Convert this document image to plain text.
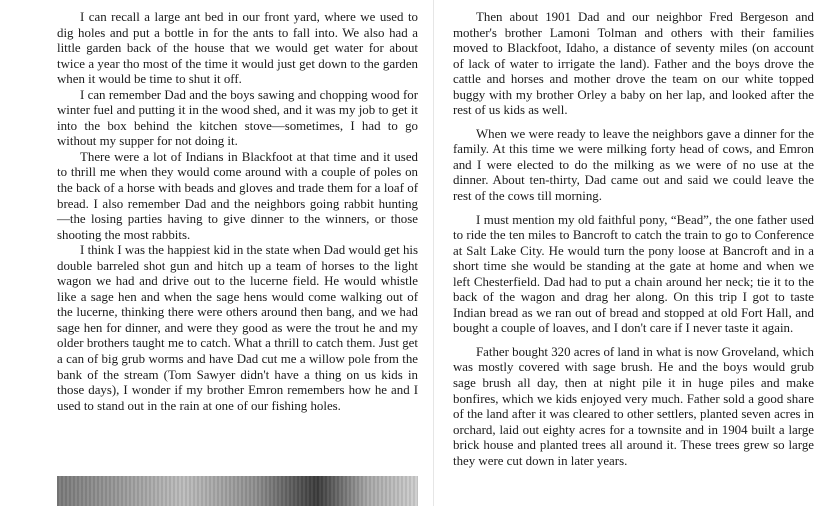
I can recall a large ant bed in our front yard, where we used to dig holes and put a bottle in for the ants to fall into. We also had a little garden back of the house that we would get water for about twice a year tho most of the time it would just get down to the garden when it would be time to shut it off.

I can remember Dad and the boys sawing and chopping wood for winter fuel and putting it in the wood shed, and it was my job to get it into the box behind the kitchen stove—sometimes, I had to go without my supper for not doing it.

There were a lot of Indians in Blackfoot at that time and it used to thrill me when they would come around with a couple of poles on the back of a horse with beads and gloves and trade them for a loaf of bread. I also remember Dad and the neighbors going rabbit hunting —the losing parties having to give dinner to the winners, or those shooting the most rabbits.

I think I was the happiest kid in the state when Dad would get his double barreled shot gun and hitch up a team of horses to the light wagon we had and drive out to the lucerne field. He would whistle like a sage hen and when the sage hens would come walking out of the lucerne, thinking there were others around then bang, and we had sage hen for dinner, and were they good as were the trout he and my older brothers taught me to catch. What a thrill to catch them. Just get a can of big grub worms and have Dad cut me a willow pole from the bank of the stream (Tom Sawyer didn't have a thing on us kids in those days), I wonder if my brother Emron remembers how he and I used to stand out in the rain at one of our fishing holes.

Then about 1901 Dad and our neighbor Fred Bergeson and mother's brother Lamoni Tolman and others with their families moved to Blackfoot, Idaho, a distance of seventy miles (on account of lack of water to irrigate the land). Father and the boys drove the cattle and horses and mother drove the team on our white topped buggy with my brother Orley a baby on her lap, and looked after the rest of us kids as well.

When we were ready to leave the neighbors gave a dinner for the family. At this time we were milking forty head of cows, and Emron and I were elected to do the milking as we were of no use at the dinner. About ten-thirty, Dad came out and said we could leave the rest of the cows till morning.

I must mention my old faithful pony, “Bead”, the one father used to ride the ten miles to Bancroft to catch the train to go to Conference at Salt Lake City. He would turn the pony loose at Bancroft and in a short time she would be standing at the gate at home and when we left Chesterfield. Dad had to put a chain around her neck; tie it to the back of the wagon and drag her along. On this trip I got to taste Indian bread as we ran out of bread and stopped at old Fort Hall, and bought a couple of loaves, and I don't care if I never taste it again.

Father bought 320 acres of land in what is now Groveland, which was mostly covered with sage brush. He and the boys would grub sage brush all day, then at night pile it in huge piles and make bonfires, which we kids enjoyed very much. Father sold a good share of the land after it was cleared to other settlers, planted seven acres in orchard, laid out eighty acres for a townsite and in 1904 built a large brick house and planted trees all around it. These trees grew so large they were cut down in later years.
